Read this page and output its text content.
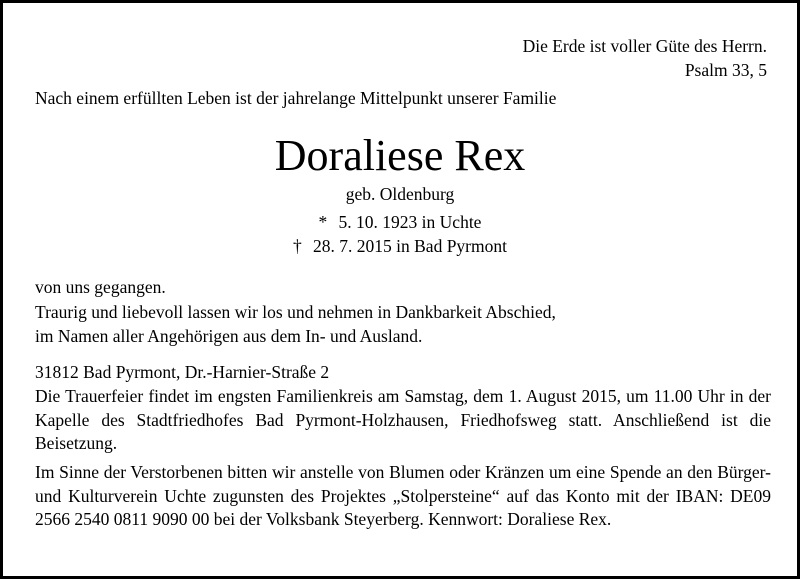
Die Erde ist voller Güte des Herrn.
Psalm 33, 5
Nach einem erfüllten Leben ist der jahrelange Mittelpunkt unserer Familie
Doraliese Rex
geb. Oldenburg
* 5. 10. 1923 in Uchte
† 28. 7. 2015 in Bad Pyrmont
von uns gegangen.
Traurig und liebevoll lassen wir los und nehmen in Dankbarkeit Abschied,
im Namen aller Angehörigen aus dem In- und Ausland.
31812 Bad Pyrmont, Dr.-Harnier-Straße 2
Die Trauerfeier findet im engsten Familienkreis am Samstag, dem 1. August 2015, um 11.00 Uhr in der Kapelle des Stadtfriedhofes Bad Pyrmont-Holzhausen, Friedhofsweg statt. Anschließend ist die Beisetzung.
Im Sinne der Verstorbenen bitten wir anstelle von Blumen oder Kränzen um eine Spende an den Bürger- und Kulturverein Uchte zugunsten des Projektes „Stolpersteine“ auf das Konto mit der IBAN: DE09 2566 2540 0811 9090 00 bei der Volksbank Steyerberg. Kennwort: Doraliese Rex.
